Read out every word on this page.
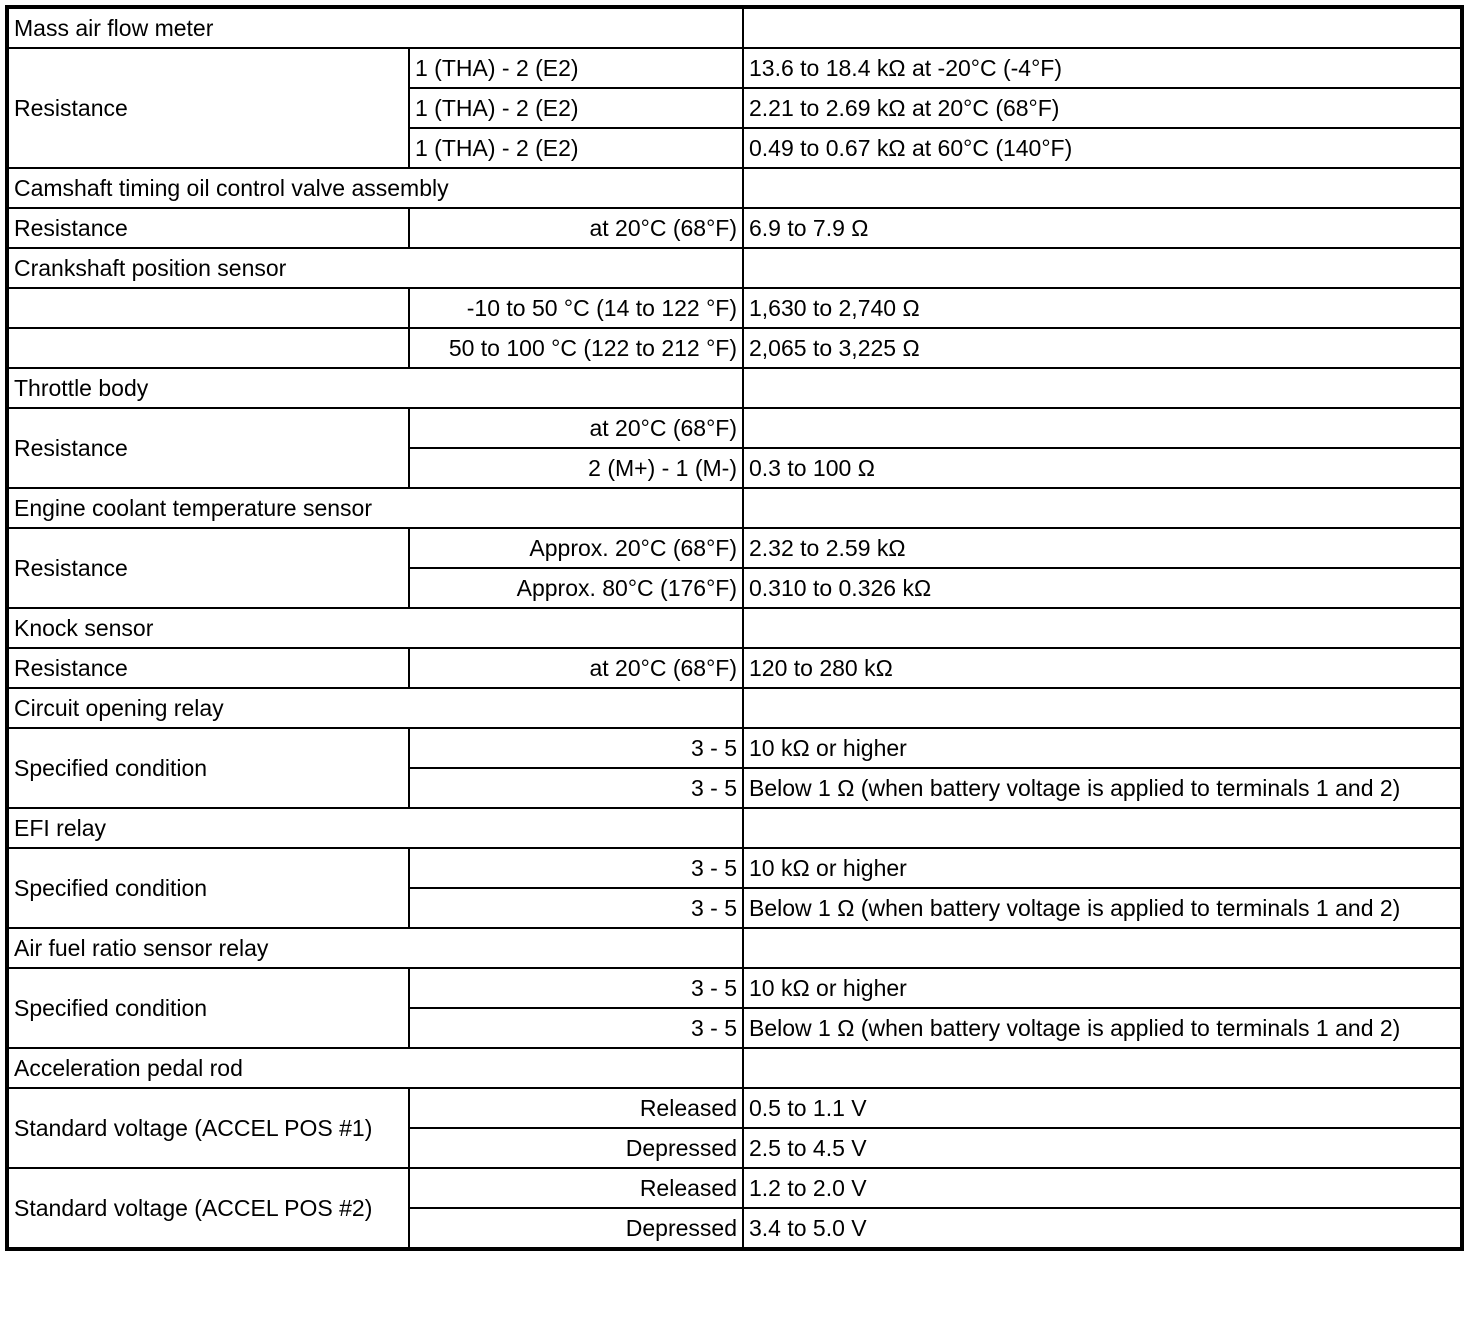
Mass air flow meter		
Resistance	1 (THA) - 2 (E2)	13.6 to 18.4 kΩ at -20°C (-4°F)
	1 (THA) - 2 (E2)	2.21 to 2.69 kΩ at 20°C (68°F)
	1 (THA) - 2 (E2)	0.49 to 0.67 kΩ at 60°C (140°F)
Camshaft timing oil control valve assembly		
Resistance	at 20°C (68°F)	6.9 to 7.9 Ω
Crankshaft position sensor		
	-10 to 50 °C (14 to 122 °F)	1,630 to 2,740 Ω
	50 to 100 °C (122 to 212 °F)	2,065 to 3,225 Ω
Throttle body		
Resistance	at 20°C (68°F)	
	2 (M+) - 1 (M-)	0.3 to 100 Ω
Engine coolant temperature sensor		
Resistance	Approx. 20°C (68°F)	2.32 to 2.59 kΩ
	Approx. 80°C (176°F)	0.310 to 0.326 kΩ
Knock sensor		
Resistance	at 20°C (68°F)	120 to 280 kΩ
Circuit opening relay		
Specified condition	3 - 5	10 kΩ or higher
	3 - 5	Below 1 Ω (when battery voltage is applied to terminals 1 and 2)
EFI relay		
Specified condition	3 - 5	10 kΩ or higher
	3 - 5	Below 1 Ω (when battery voltage is applied to terminals 1 and 2)
Air fuel ratio sensor relay		
Specified condition	3 - 5	10 kΩ or higher
	3 - 5	Below 1 Ω (when battery voltage is applied to terminals 1 and 2)
Acceleration pedal rod		
Standard voltage (ACCEL POS #1)	Released	0.5 to 1.1 V
	Depressed	2.5 to 4.5 V
Standard voltage (ACCEL POS #2)	Released	1.2 to 2.0 V
	Depressed	3.4 to 5.0 V
